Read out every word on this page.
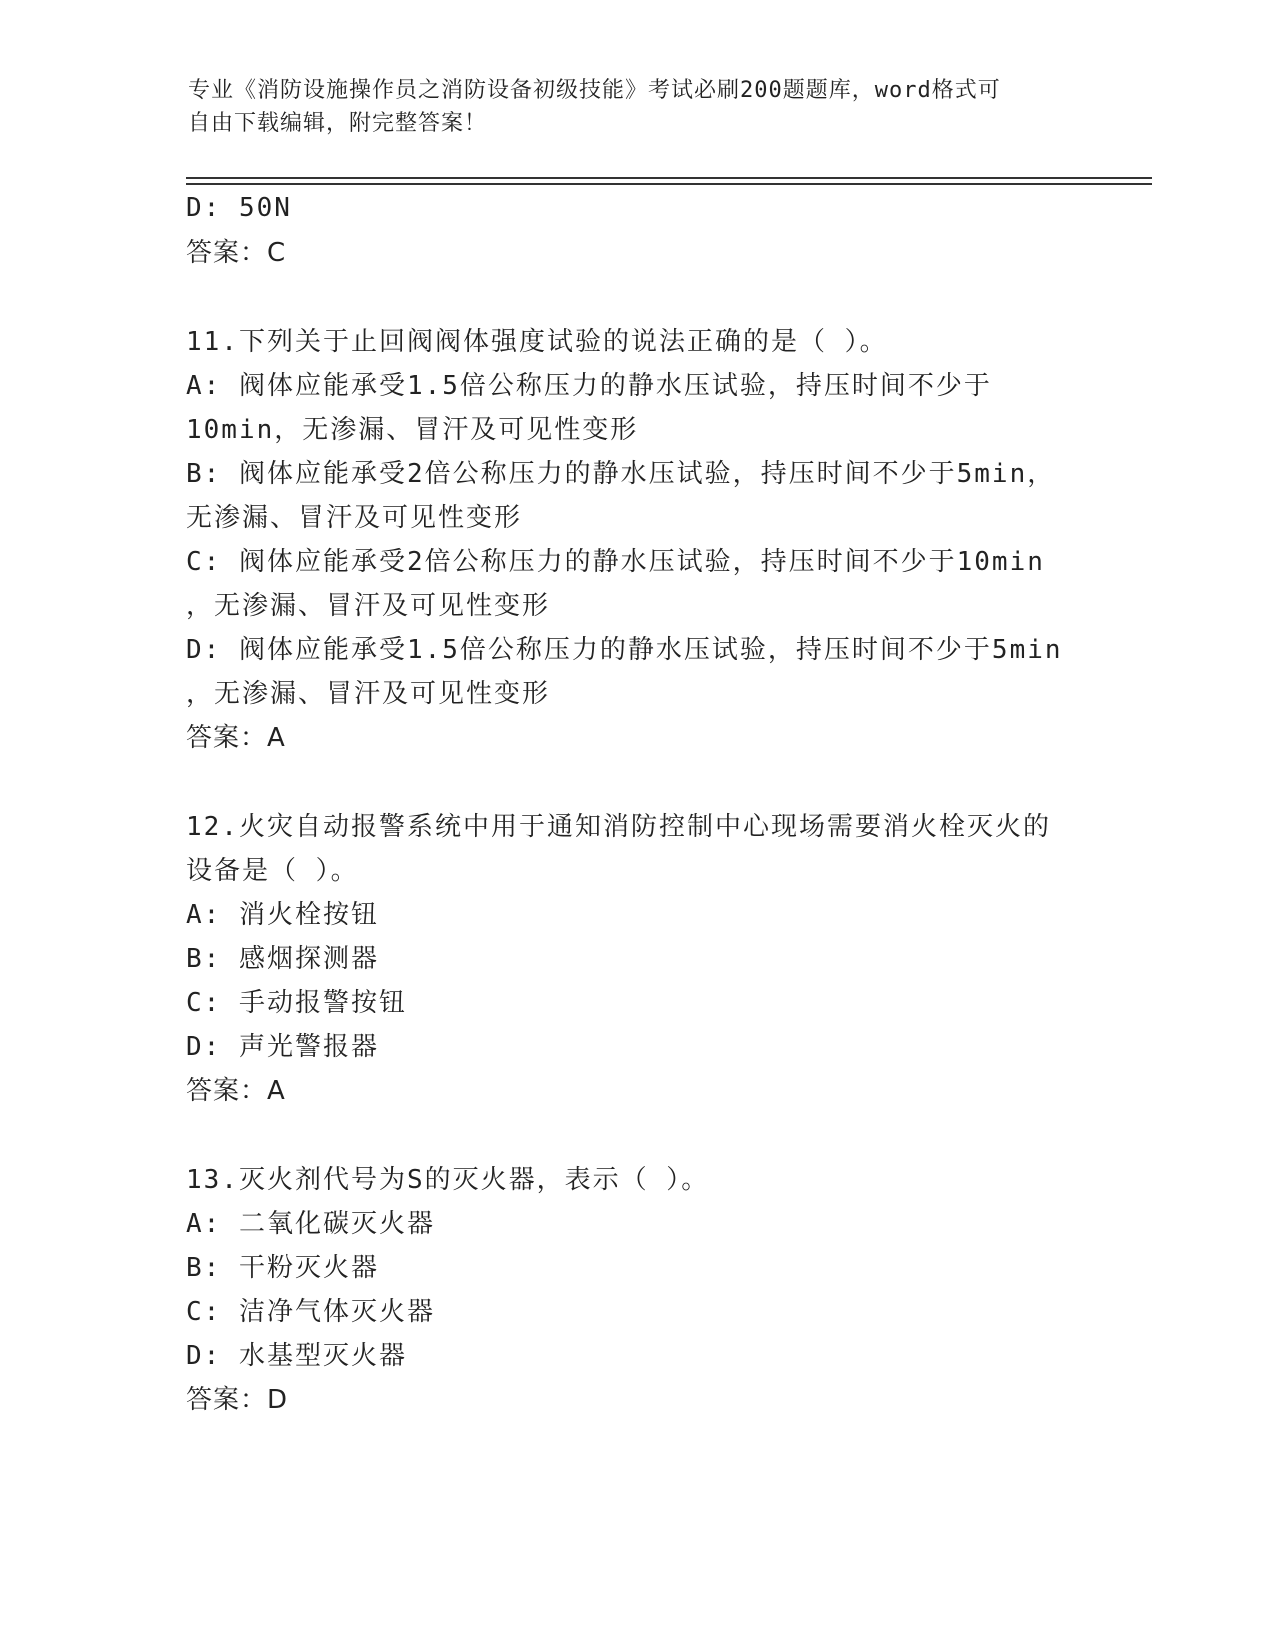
专业《消防设施操作员之消防设备初级技能》考试必刷200题题库，word格式可
自由下载编辑，附完整答案！
D: 50N
答案：C
11.下列关于止回阀阀体强度试验的说法正确的是（ ）。
A: 阀体应能承受1.5倍公称压力的静水压试验，持压时间不少于
10min，无渗漏、冒汗及可见性变形
B: 阀体应能承受2倍公称压力的静水压试验，持压时间不少于5min，
无渗漏、冒汗及可见性变形
C: 阀体应能承受2倍公称压力的静水压试验，持压时间不少于10min
，无渗漏、冒汗及可见性变形
D: 阀体应能承受1.5倍公称压力的静水压试验，持压时间不少于5min
，无渗漏、冒汗及可见性变形
答案：A
12.火灾自动报警系统中用于通知消防控制中心现场需要消火栓灭火的
设备是（ ）。
A: 消火栓按钮
B: 感烟探测器
C: 手动报警按钮
D: 声光警报器
答案：A
13.灭火剂代号为S的灭火器，表示（ ）。
A: 二氧化碳灭火器
B: 干粉灭火器
C: 洁净气体灭火器
D: 水基型灭火器
答案：D
